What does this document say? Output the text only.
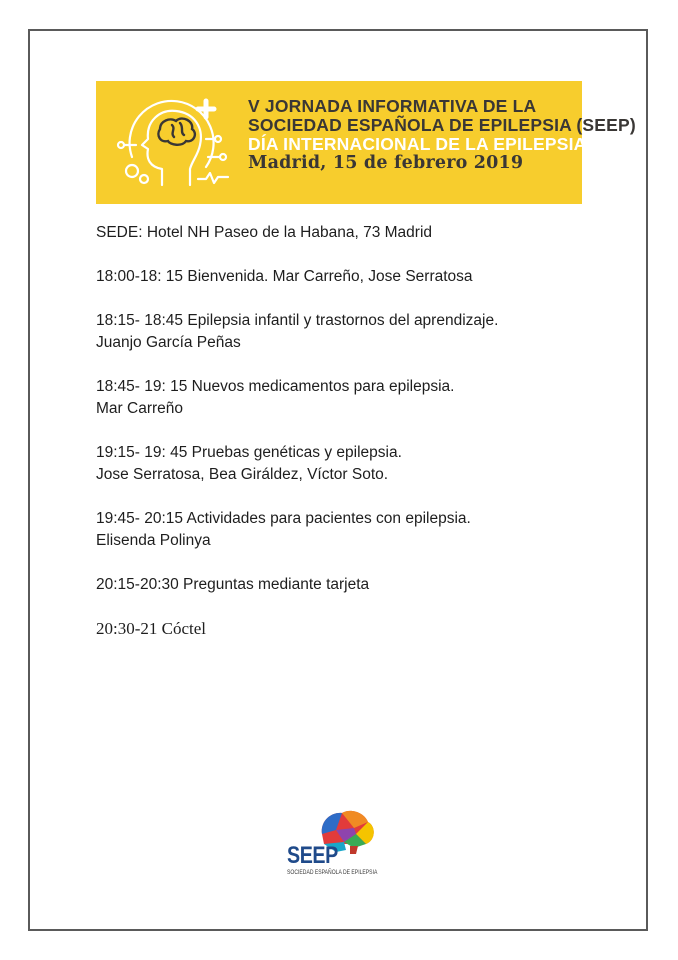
V JORNADA INFORMATIVA DE LA
SOCIEDAD ESPAÑOLA DE EPILEPSIA (SEEP)
DÍA INTERNACIONAL DE LA EPILEPSIA
Madrid, 15 de febrero 2019
SEDE: Hotel NH Paseo de la Habana, 73 Madrid
18:00-18: 15 Bienvenida. Mar Carreño, Jose Serratosa
18:15- 18:45 Epilepsia infantil y trastornos del aprendizaje.
Juanjo García Peñas
18:45- 19: 15 Nuevos medicamentos para epilepsia.
Mar Carreño
19:15- 19: 45 Pruebas genéticas y epilepsia.
Jose Serratosa, Bea Giráldez, Víctor Soto.
19:45- 20:15 Actividades para pacientes con epilepsia.
Elisenda Polinya
20:15-20:30 Preguntas mediante tarjeta
20:30-21 Cóctel
SEEP
SOCIEDAD ESPAÑOLA DE EPILEPSIA
